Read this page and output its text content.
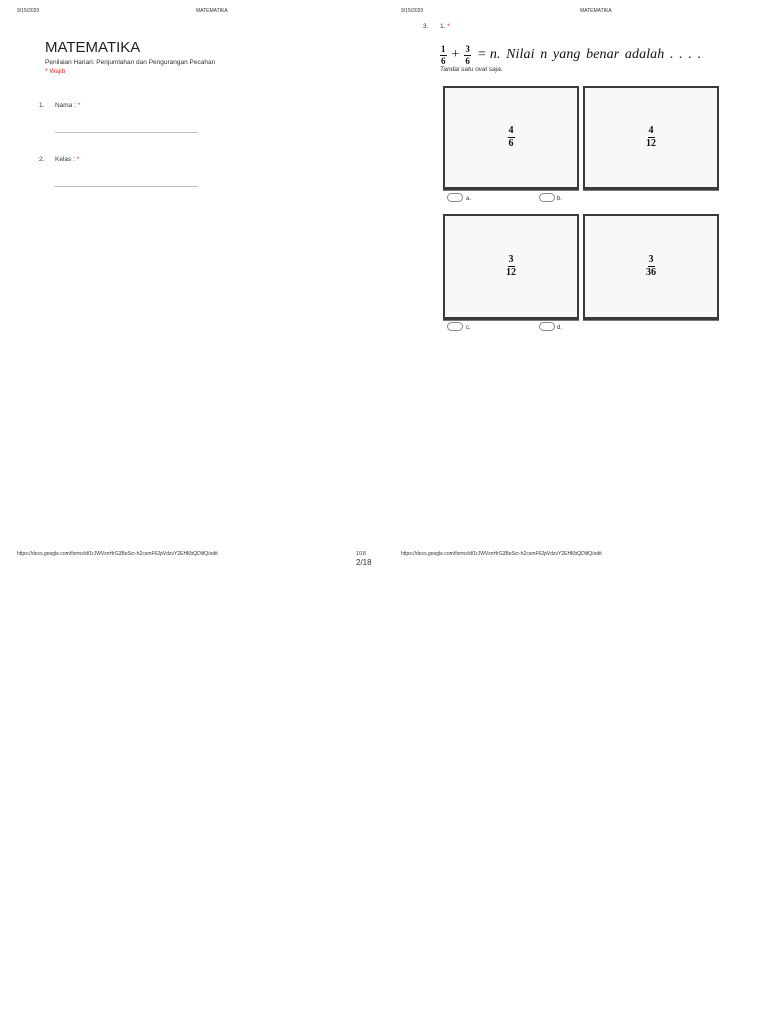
9/15/2020	MATEMATIKA
MATEMATIKA
Penilaian Harian: Penjumlahan dan Pengurangan Pecahan
* Wajib
1. Nama : *
2. Kelas : *
https://docs.google.com/forms/d/1rJWVxnHrG3BeScr-h2csmF62pVdzvY2EHKbQDlifQ/edit	1/18
9/15/2020	MATEMATIKA
3. 1. *
$\frac{1}{6} + \frac{3}{6} = n$. Nilai n yang benar adalah . . . .
Tandai satu oval saja.
$\frac{4}{6}$
a.
$\frac{4}{12}$
b.
$\frac{3}{12}$
c.
$\frac{3}{36}$
d.
https://docs.google.com/forms/d/1rJWVxnHrG3BeScr-h2csmF62pVdzvY2EHKbQDlifQ/edit
2/18
